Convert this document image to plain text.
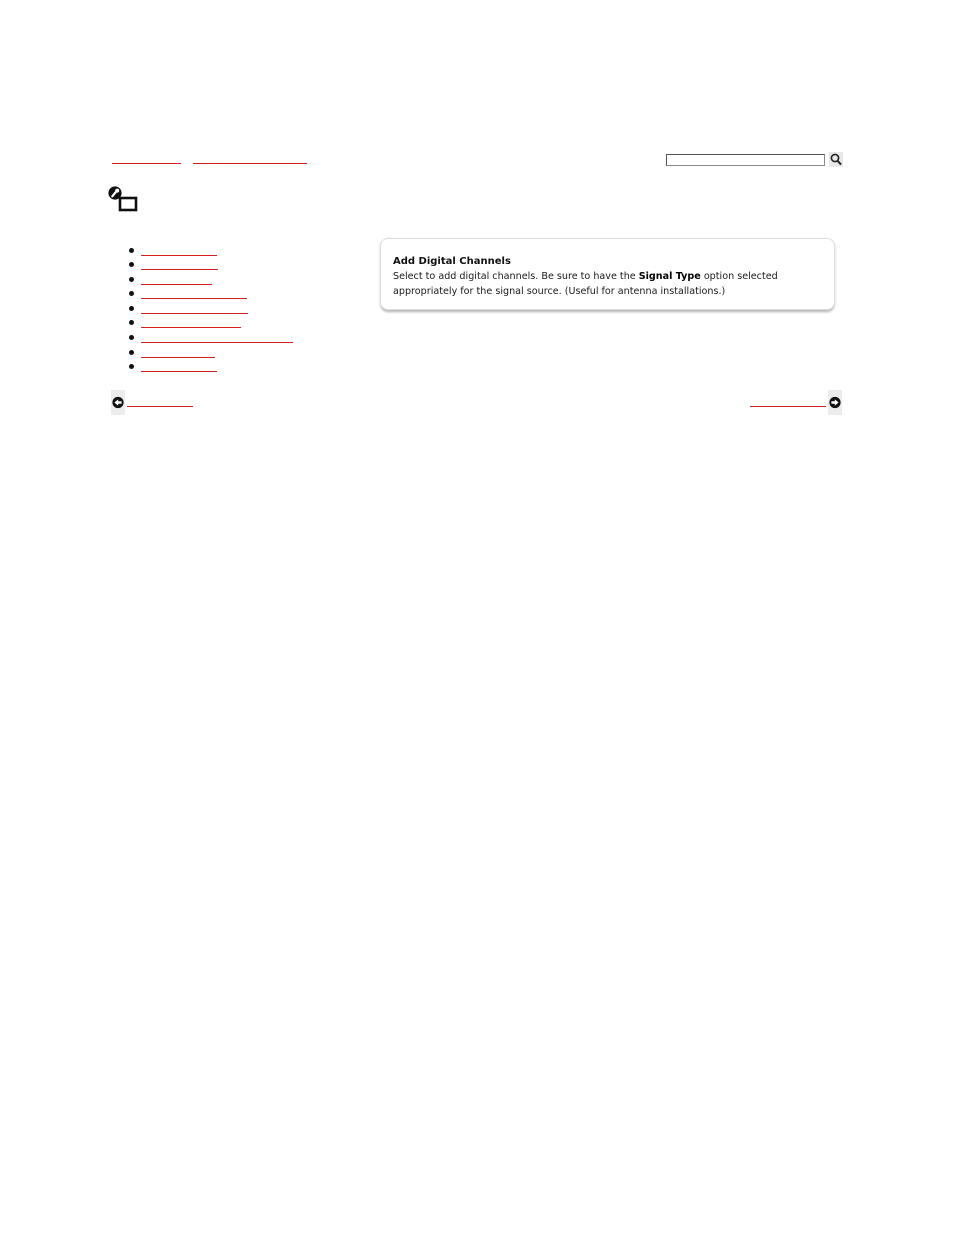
Add Digital Channels

Select to add digital channels. Be sure to have the Signal Type option selected

appropriately for the signal source. (Useful for antenna installations.)
